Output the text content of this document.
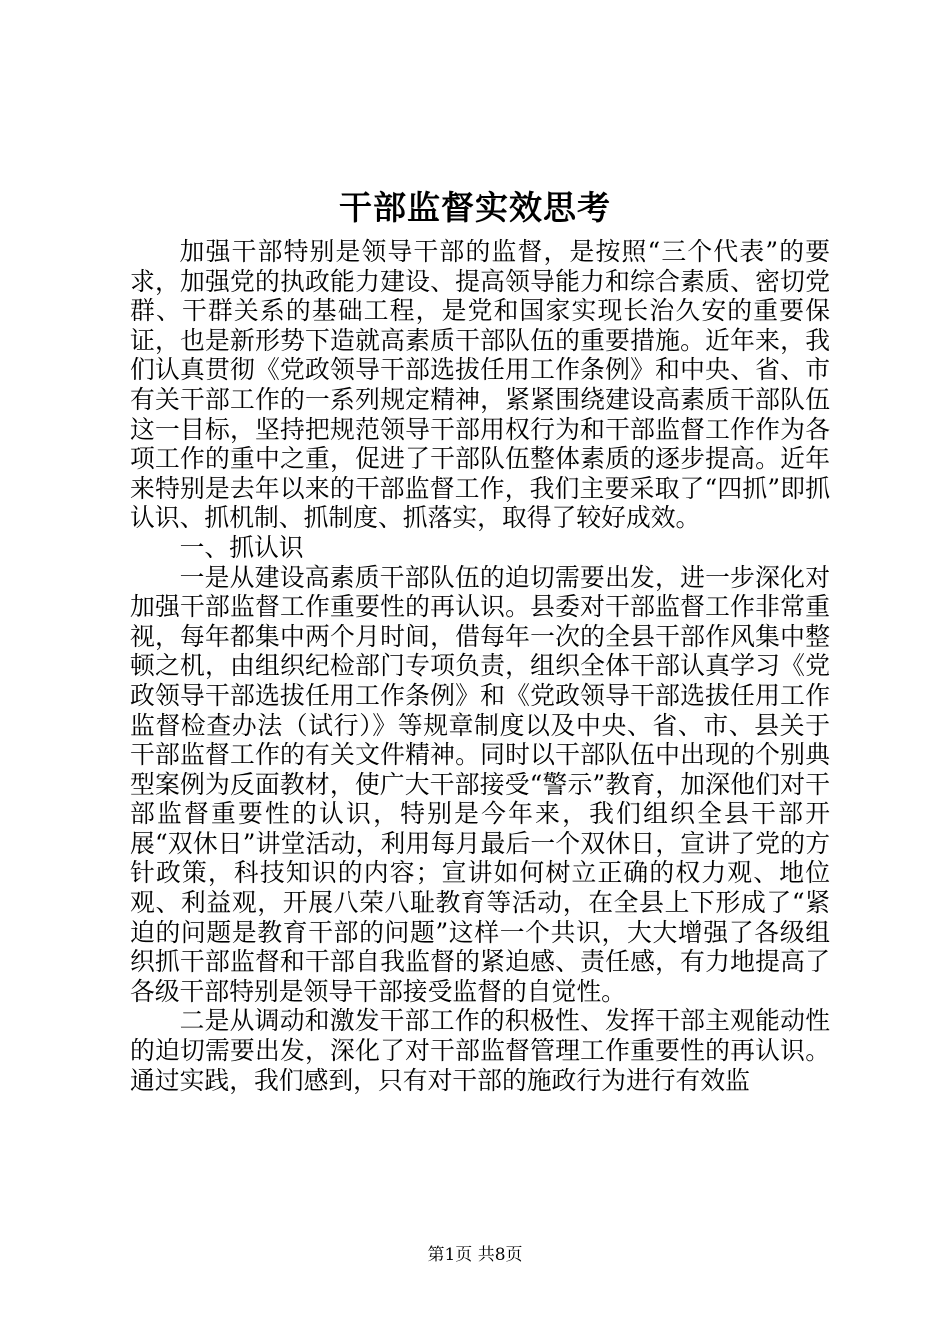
干部监督实效思考

加强干部特别是领导干部的监督，是按照“三个代表”的要求，加强党的执政能力建设、提高领导能力和综合素质、密切党群、干群关系的基础工程，是党和国家实现长治久安的重要保证，也是新形势下造就高素质干部队伍的重要措施。近年来，我们认真贯彻《党政领导干部选拔任用工作条例》和中央、省、市有关干部工作的一系列规定精神，紧紧围绕建设高素质干部队伍这一目标，坚持把规范领导干部用权行为和干部监督工作作为各项工作的重中之重，促进了干部队伍整体素质的逐步提高。近年来特别是去年以来的干部监督工作，我们主要采取了“四抓”即抓认识、抓机制、抓制度、抓落实，取得了较好成效。

一、抓认识

一是从建设高素质干部队伍的迫切需要出发，进一步深化对加强干部监督工作重要性的再认识。县委对干部监督工作非常重视，每年都集中两个月时间，借每年一次的全县干部作风集中整顿之机，由组织纪检部门专项负责，组织全体干部认真学习《党政领导干部选拔任用工作条例》和《党政领导干部选拔任用工作监督检查办法（试行）》等规章制度以及中央、省、市、县关于干部监督工作的有关文件精神。同时以干部队伍中出现的个别典型案例为反面教材，使广大干部接受“警示”教育，加深他们对干部监督重要性的认识，特别是今年来，我们组织全县干部开展“双休日”讲堂活动，利用每月最后一个双休日，宣讲了党的方针政策，科技知识的内容；宣讲如何树立正确的权力观、地位观、利益观，开展八荣八耻教育等活动，在全县上下形成了“紧迫的问题是教育干部的问题”这样一个共识，大大增强了各级组织抓干部监督和干部自我监督的紧迫感、责任感，有力地提高了各级干部特别是领导干部接受监督的自觉性。

二是从调动和激发干部工作的积极性、发挥干部主观能动性的迫切需要出发，深化了对干部监督管理工作重要性的再认识。通过实践，我们感到，只有对干部的施政行为进行有效监

第1页 共8页
